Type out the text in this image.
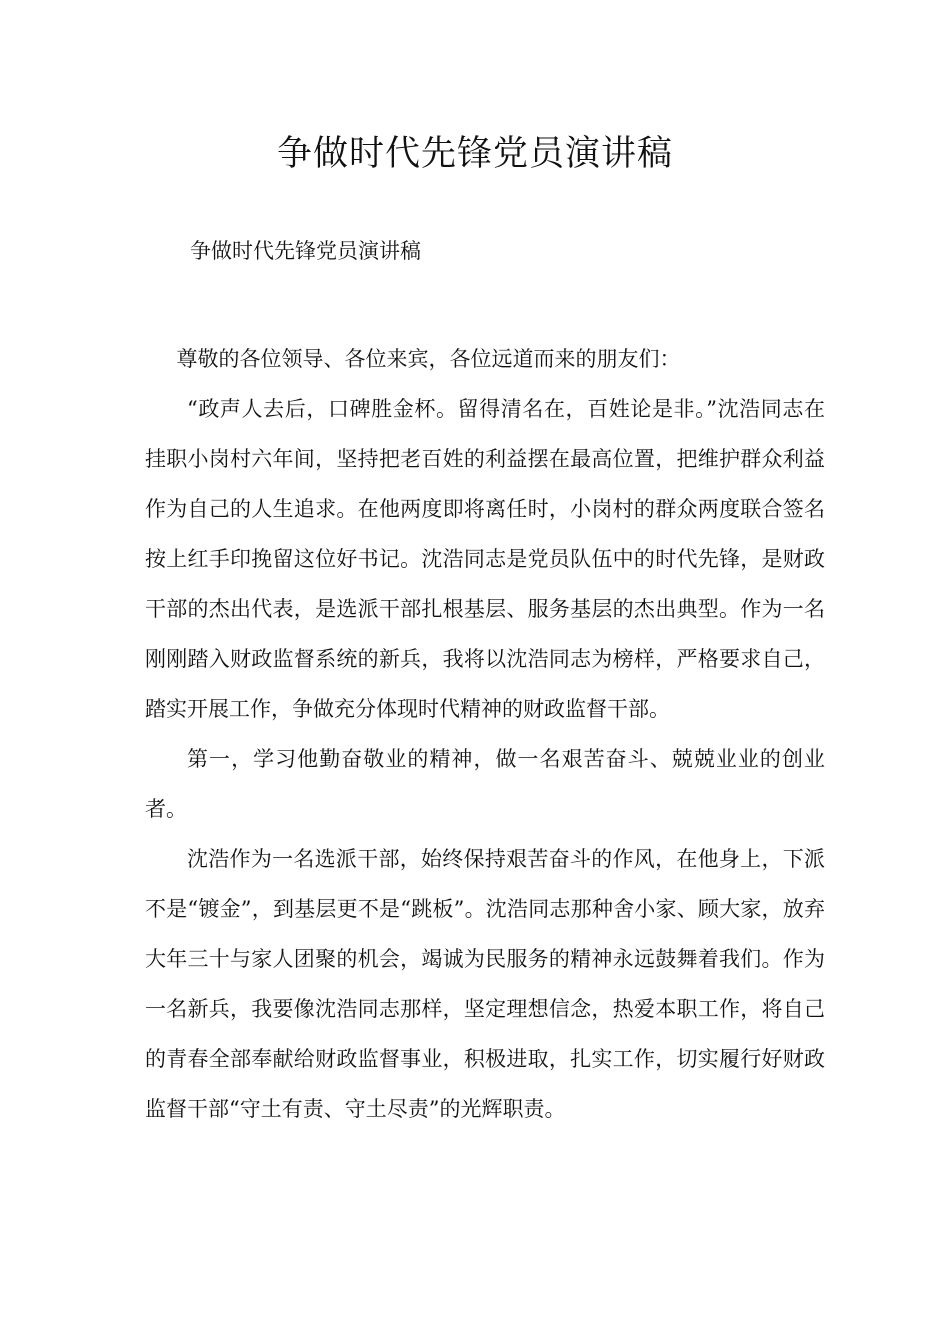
争做时代先锋党员演讲稿
争做时代先锋党员演讲稿

尊敬的各位领导、各位来宾，各位远道而来的朋友们：

“政声人去后，口碑胜金杯。留得清名在，百姓论是非。”沈浩同志在挂职小岗村六年间，坚持把老百姓的利益摆在最高位置，把维护群众利益作为自己的人生追求。在他两度即将离任时，小岗村的群众两度联合签名按上红手印挽留这位好书记。沈浩同志是党员队伍中的时代先锋，是财政干部的杰出代表，是选派干部扎根基层、服务基层的杰出典型。作为一名刚刚踏入财政监督系统的新兵，我将以沈浩同志为榜样，严格要求自己，踏实开展工作，争做充分体现时代精神的财政监督干部。

第一，学习他勤奋敬业的精神，做一名艰苦奋斗、兢兢业业的创业者。

沈浩作为一名选派干部，始终保持艰苦奋斗的作风，在他身上，下派不是“镀金”，到基层更不是“跳板”。沈浩同志那种舍小家、顾大家，放弃大年三十与家人团聚的机会，竭诚为民服务的精神永远鼓舞着我们。作为一名新兵，我要像沈浩同志那样，坚定理想信念，热爱本职工作，将自己的青春全部奉献给财政监督事业，积极进取，扎实工作，切实履行好财政监督干部“守土有责、守土尽责”的光辉职责。
